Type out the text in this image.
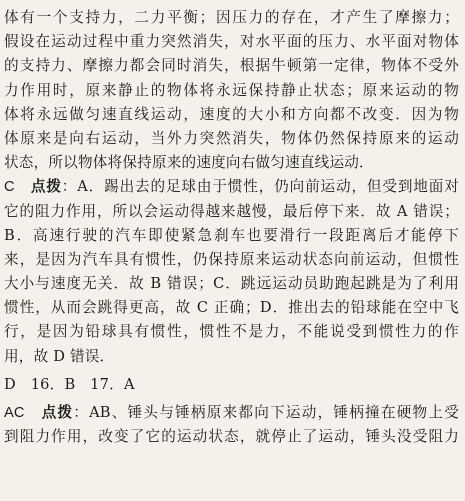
体有一个支持力，二力平衡；因压力的存在，才产生了摩擦力；
假设在运动过程中重力突然消失，对水平面的压力、水平面对物体
的支持力、摩擦力都会同时消失，根据牛顿第一定律，物体不受外
力作用时，原来静止的物体将永远保持静止状态；原来运动的物
体将永远做匀速直线运动，速度的大小和方向都不改变．因为物
体原来是向右运动，当外力突然消失，物体仍然保持原来的运动
状态，所以物体将保持原来的速度向右做匀速直线运动．
C　 点拨：A．踢出去的足球由于惯性，仍向前运动，但受到地面对
它的阻力作用，所以会运动得越来越慢，最后停下来．故 A 错误；
B．高速行驶的汽车即使紧急刹车也要滑行一段距离后才能停下
来，是因为汽车具有惯性，仍保持原来运动状态向前运动，但惯性
大小与速度无关．故 B 错误；C．跳远运动员助跑起跳是为了利用
惯性，从而会跳得更高，故 C 正确；D．推出去的铅球能在空中飞
行，是因为铅球具有惯性，惯性不是力，不能说受到惯性力的作
用，故 D 错误．
D　16．B　17．A
AC　 点拨：AB、锤头与锤柄原来都向下运动，锤柄撞在硬物上受
到阻力作用，改变了它的运动状态，就停止了运动，锤头没受阻力
